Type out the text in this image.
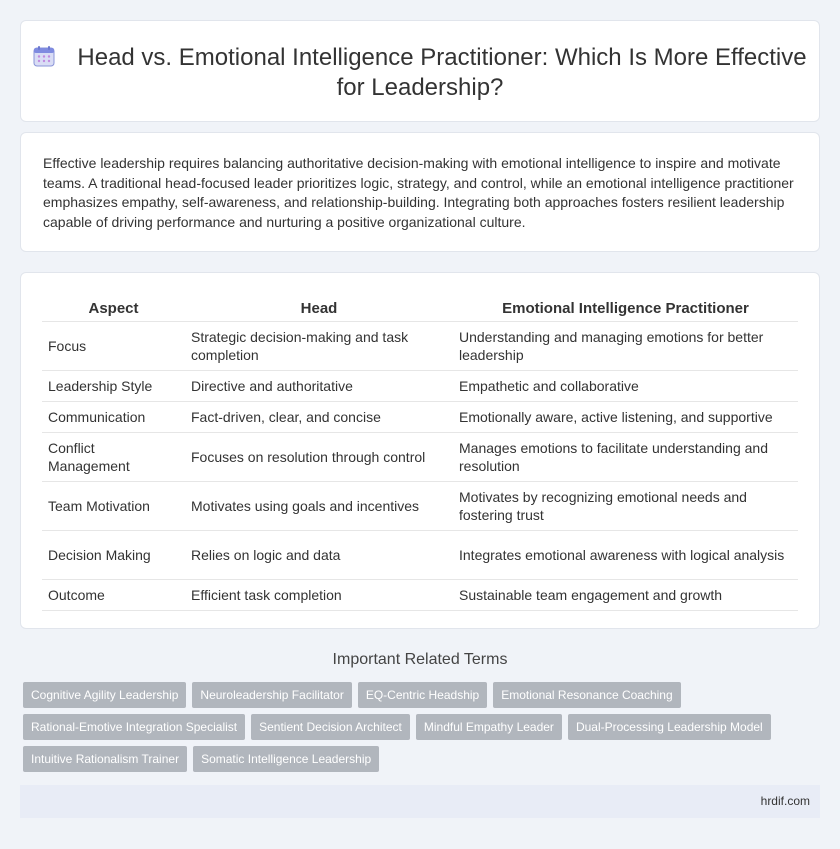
Head vs. Emotional Intelligence Practitioner: Which Is More Effective for Leadership?

Effective leadership requires balancing authoritative decision-making with emotional intelligence to inspire and motivate teams. A traditional head-focused leader prioritizes logic, strategy, and control, while an emotional intelligence practitioner emphasizes empathy, self-awareness, and relationship-building. Integrating both approaches fosters resilient leadership capable of driving performance and nurturing a positive organizational culture.

Aspect	Head	Emotional Intelligence Practitioner
Focus	Strategic decision-making and task completion	Understanding and managing emotions for better leadership
Leadership Style	Directive and authoritative	Empathetic and collaborative
Communication	Fact-driven, clear, and concise	Emotionally aware, active listening, and supportive
Conflict Management	Focuses on resolution through control	Manages emotions to facilitate understanding and resolution
Team Motivation	Motivates using goals and incentives	Motivates by recognizing emotional needs and fostering trust
Decision Making	Relies on logic and data	Integrates emotional awareness with logical analysis
Outcome	Efficient task completion	Sustainable team engagement and growth
Important Related Terms
Cognitive Agility Leadership	Neuroleadership Facilitator	EQ-Centric Headship	Emotional Resonance Coaching
Rational-Emotive Integration Specialist	Sentient Decision Architect	Mindful Empathy Leader	Dual-Processing Leadership Model
Intuitive Rationalism Trainer	Somatic Intelligence Leadership
hrdif.com
